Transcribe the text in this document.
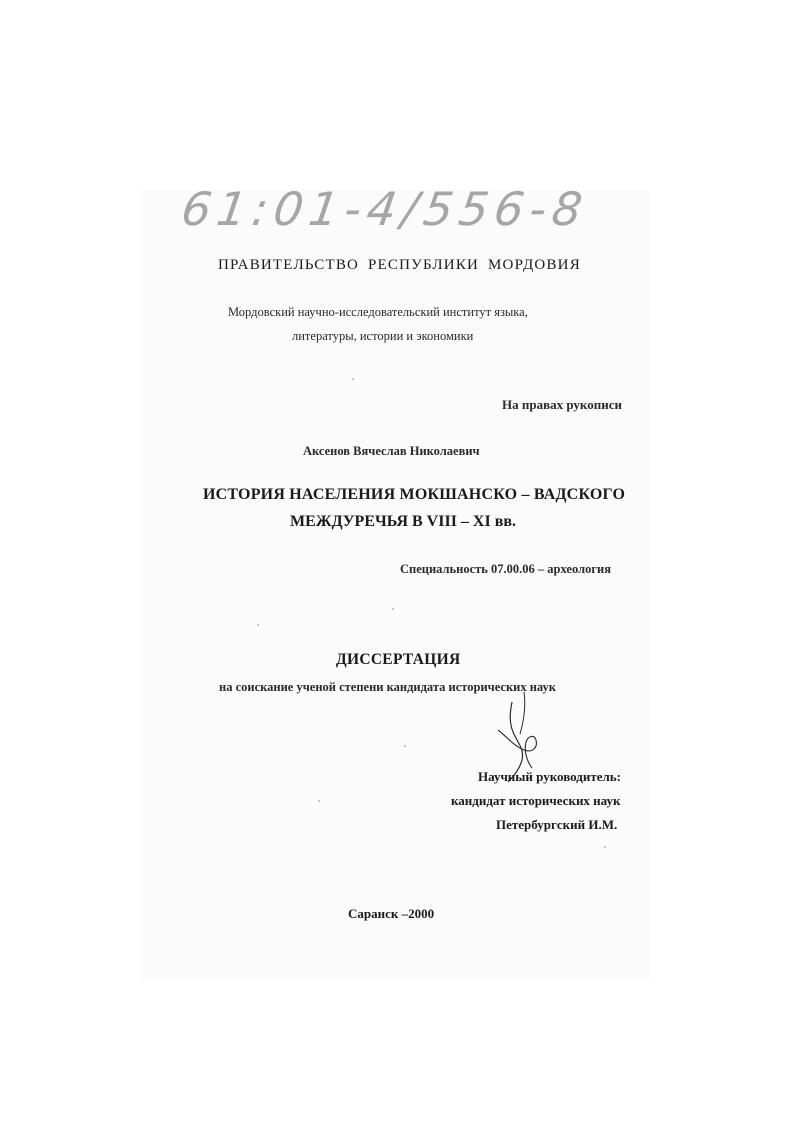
61:01-4/556-8
ПРАВИТЕЛЬСТВО РЕСПУБЛИКИ МОРДОВИЯ
Мордовский научно-исследовательский институт языка,
литературы, истории и экономики
На правах рукописи
Аксенов Вячеслав Николаевич
ИСТОРИЯ НАСЕЛЕНИЯ МОКШАНСКО – ВАДСКОГО
МЕЖДУРЕЧЬЯ В VIII – XI вв.
Специальность 07.00.06 – археология
ДИССЕРТАЦИЯ
на соискание ученой степени кандидата исторических наук
Научный руководитель:
кандидат исторических наук
Петербургский И.М.
Саранск –2000
